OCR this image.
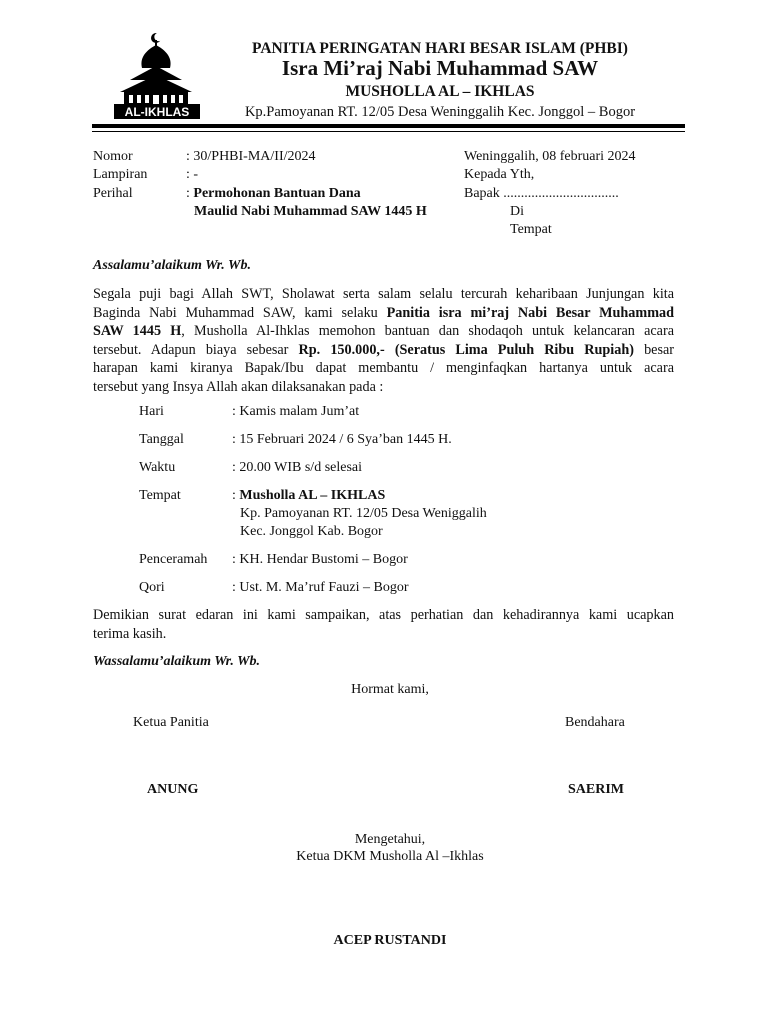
AL-IKHLAS
PANITIA PERINGATAN HARI BESAR ISLAM (PHBI)
Isra Mi’raj Nabi Muhammad SAW
MUSHOLLA AL – IKHLAS
Kp.Pamoyanan RT. 12/05 Desa Weninggalih Kec. Jonggol – Bogor
Nomor	: 30/PHBI-MA/II/2024
Lampiran	: -
Perihal	: Permohonan Bantuan Dana
Maulid Nabi Muhammad SAW 1445 H
Weninggalih, 08 februari 2024
Kepada Yth,
Bapak .................................
Di
Tempat
Assalamu’alaikum Wr. Wb.
Segala puji bagi Allah SWT, Sholawat serta salam selalu tercurah keharibaan Junjungan kita
Baginda Nabi Muhammad SAW, kami selaku Panitia isra mi’raj Nabi Besar Muhammad
SAW 1445 H, Musholla Al-Ihklas memohon bantuan dan shodaqoh untuk kelancaran acara
tersebut. Adapun biaya sebesar Rp. 150.000,- (Seratus Lima Puluh Ribu Rupiah) besar
harapan kami kiranya Bapak/Ibu dapat membantu / menginfaqkan hartanya untuk acara
tersebut yang Insya Allah akan dilaksanakan pada :
Hari	: Kamis malam Jum’at
Tanggal	: 15 Februari 2024 / 6 Sya’ban 1445 H.
Waktu	: 20.00 WIB s/d selesai
Tempat	: Musholla AL – IKHLAS
Kp. Pamoyanan RT. 12/05 Desa Weniggalih
Kec. Jonggol Kab. Bogor
Penceramah : KH. Hendar Bustomi – Bogor
Qori	: Ust. M. Ma’ruf Fauzi – Bogor
Demikian surat edaran ini kami sampaikan, atas perhatian dan kehadirannya kami ucapkan
terima kasih.
Wassalamu’alaikum Wr. Wb.
Hormat kami,
Ketua Panitia
ANUNG
Bendahara
SAERIM
Mengetahui,
Ketua DKM Musholla Al –Ikhlas
ACEP RUSTANDI
